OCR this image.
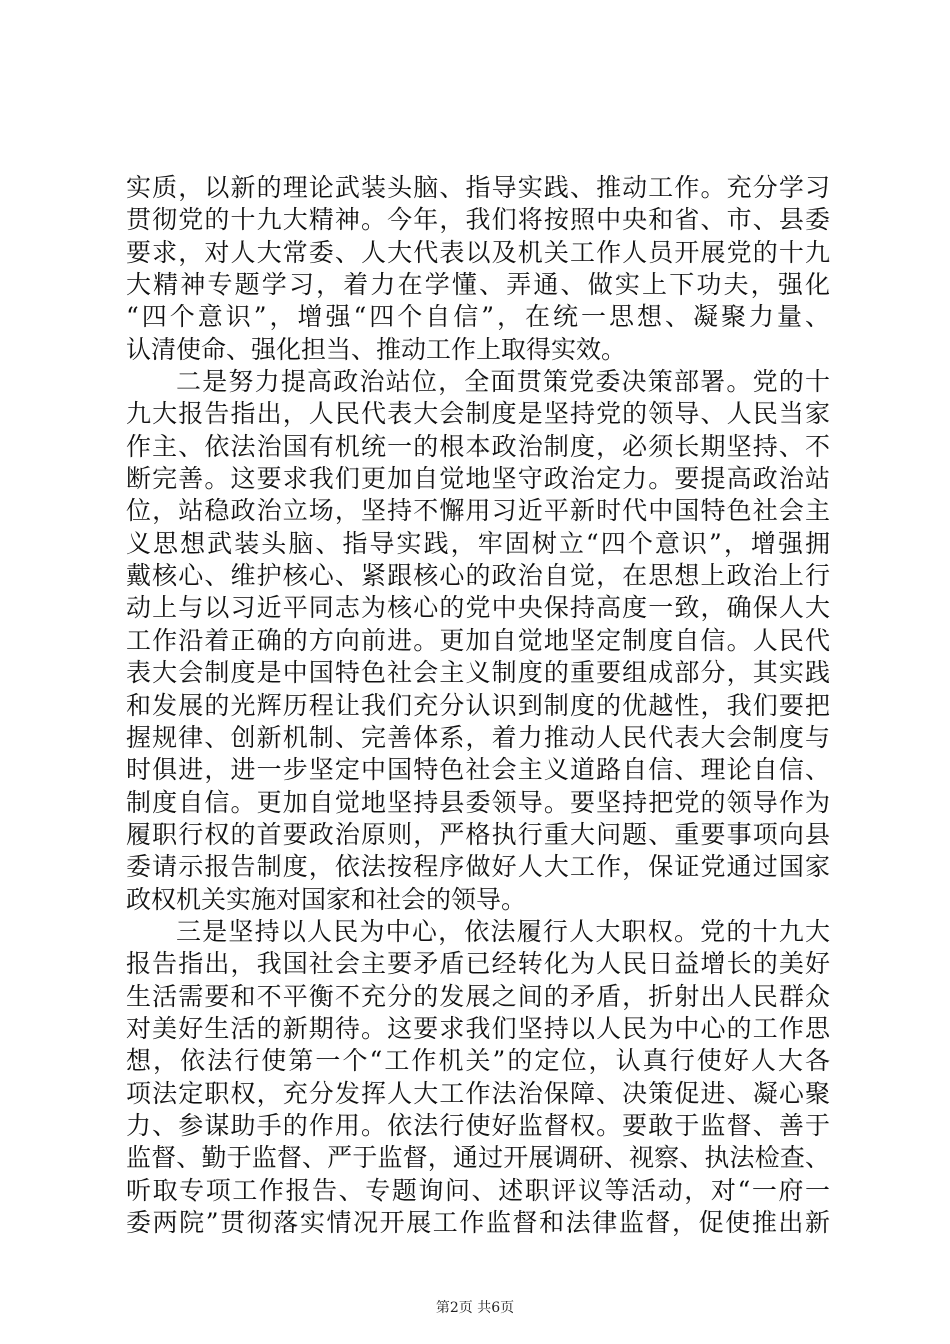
实质，以新的理论武装头脑、指导实践、推动工作。充分学习
贯彻党的十九大精神。今年，我们将按照中央和省、市、县委
要求，对人大常委、人大代表以及机关工作人员开展党的十九
大精神专题学习，着力在学懂、弄通、做实上下功夫，强化
“四个意识”，增强“四个自信”，在统一思想、凝聚力量、
认清使命、强化担当、推动工作上取得实效。
二是努力提高政治站位，全面贯策党委决策部署。党的十
九大报告指出，人民代表大会制度是坚持党的领导、人民当家
作主、依法治国有机统一的根本政治制度，必须长期坚持、不
断完善。这要求我们更加自觉地坚守政治定力。要提高政治站
位，站稳政治立场，坚持不懈用习近平新时代中国特色社会主
义思想武装头脑、指导实践，牢固树立“四个意识”，增强拥
戴核心、维护核心、紧跟核心的政治自觉，在思想上政治上行
动上与以习近平同志为核心的党中央保持高度一致，确保人大
工作沿着正确的方向前进。更加自觉地坚定制度自信。人民代
表大会制度是中国特色社会主义制度的重要组成部分，其实践
和发展的光辉历程让我们充分认识到制度的优越性，我们要把
握规律、创新机制、完善体系，着力推动人民代表大会制度与
时俱进，进一步坚定中国特色社会主义道路自信、理论自信、
制度自信。更加自觉地坚持县委领导。要坚持把党的领导作为
履职行权的首要政治原则，严格执行重大问题、重要事项向县
委请示报告制度，依法按程序做好人大工作，保证党通过国家
政权机关实施对国家和社会的领导。
三是坚持以人民为中心，依法履行人大职权。党的十九大
报告指出，我国社会主要矛盾已经转化为人民日益增长的美好
生活需要和不平衡不充分的发展之间的矛盾，折射出人民群众
对美好生活的新期待。这要求我们坚持以人民为中心的工作思
想，依法行使第一个“工作机关”的定位，认真行使好人大各
项法定职权，充分发挥人大工作法治保障、决策促进、凝心聚
力、参谋助手的作用。依法行使好监督权。要敢于监督、善于
监督、勤于监督、严于监督，通过开展调研、视察、执法检查、
听取专项工作报告、专题询问、述职评议等活动，对“一府一
委两院”贯彻落实情况开展工作监督和法律监督，促使推出新
第2页 共6页
